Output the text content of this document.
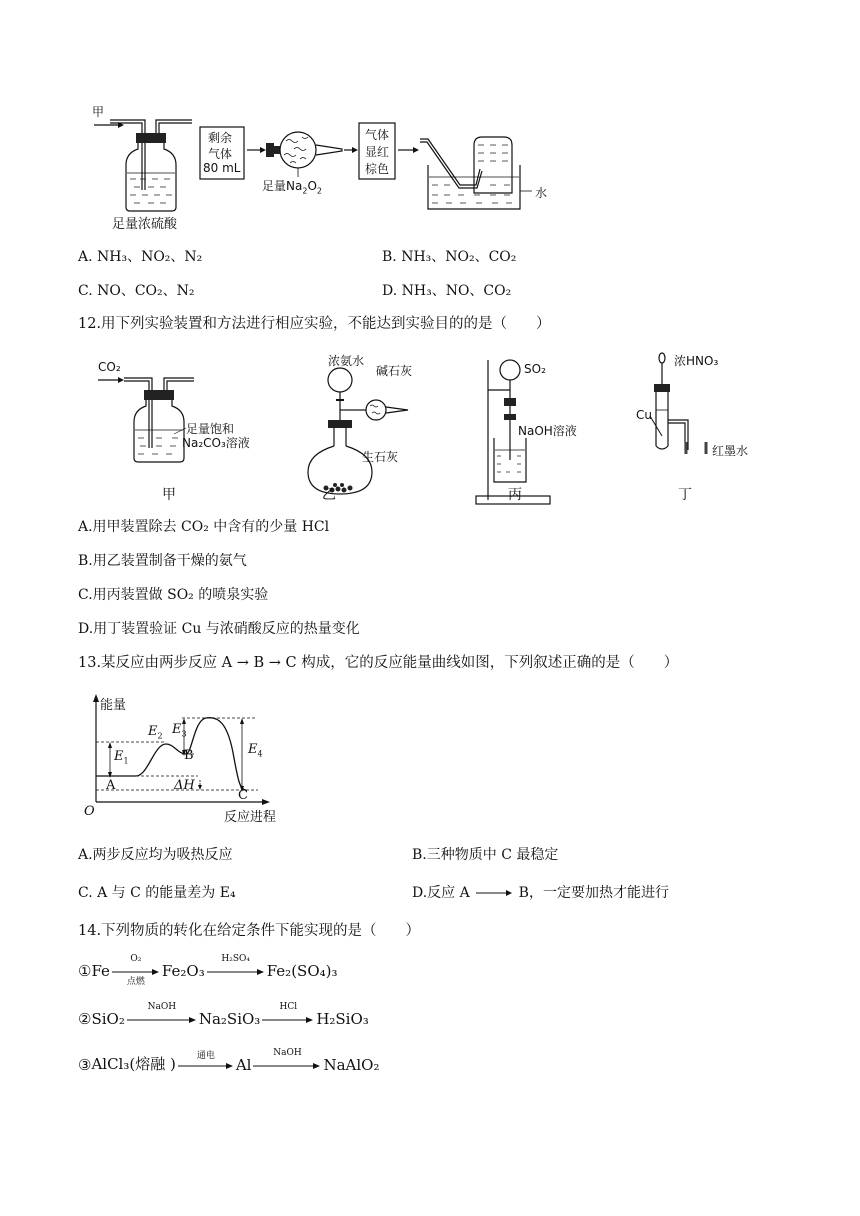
甲
足量浓硫酸
剩余
气体
80 mL
足量$Na_2O_2$
气体
显红
棕色
水
A. NH₃、NO₂、N₂	B. NH₃、NO₂、CO₂
C. NO、CO₂、N₂	D. NH₃、NO、CO₂
12.用下列实验装置和方法进行相应实验，不能达到实验目的的是（　　）
CO₂
足量饱和
Na₂CO₃溶液
浓氨水
碱石灰
生石灰
SO₂
NaOH溶液
浓HNO₃
Cu
红墨水
甲	乙	丙	丁
A.用甲装置除去 CO₂ 中含有的少量 HCl
B.用乙装置制备干燥的氨气
C.用丙装置做 SO₂ 的喷泉实验
D.用丁装置验证 Cu 与浓硝酸反应的热量变化
13.某反应由两步反应 A → B → C 构成，它的反应能量曲线如图，下列叙述正确的是（　　）
能量
反应进程
O
A
B
C
$E_1$
$E_2$ $E_3$
$E_4$
ΔH
A.两步反应均为吸热反应	B.三种物质中 C 最稳定
C. A 与 C 的能量差为 E₄	D.反应 A	B，一定要加热才能进行
14.下列物质的转化在给定条件下能实现的是（　　）
①Fe
O₂
点燃
Fe₂O₃
H₂SO₄
Fe₂(SO₄)₃
②SiO₂
NaOH
Na₂SiO₃
HCl
H₂SiO₃
③AlCl₃(熔融 )	通电	Al
NaOH
NaAlO₂
